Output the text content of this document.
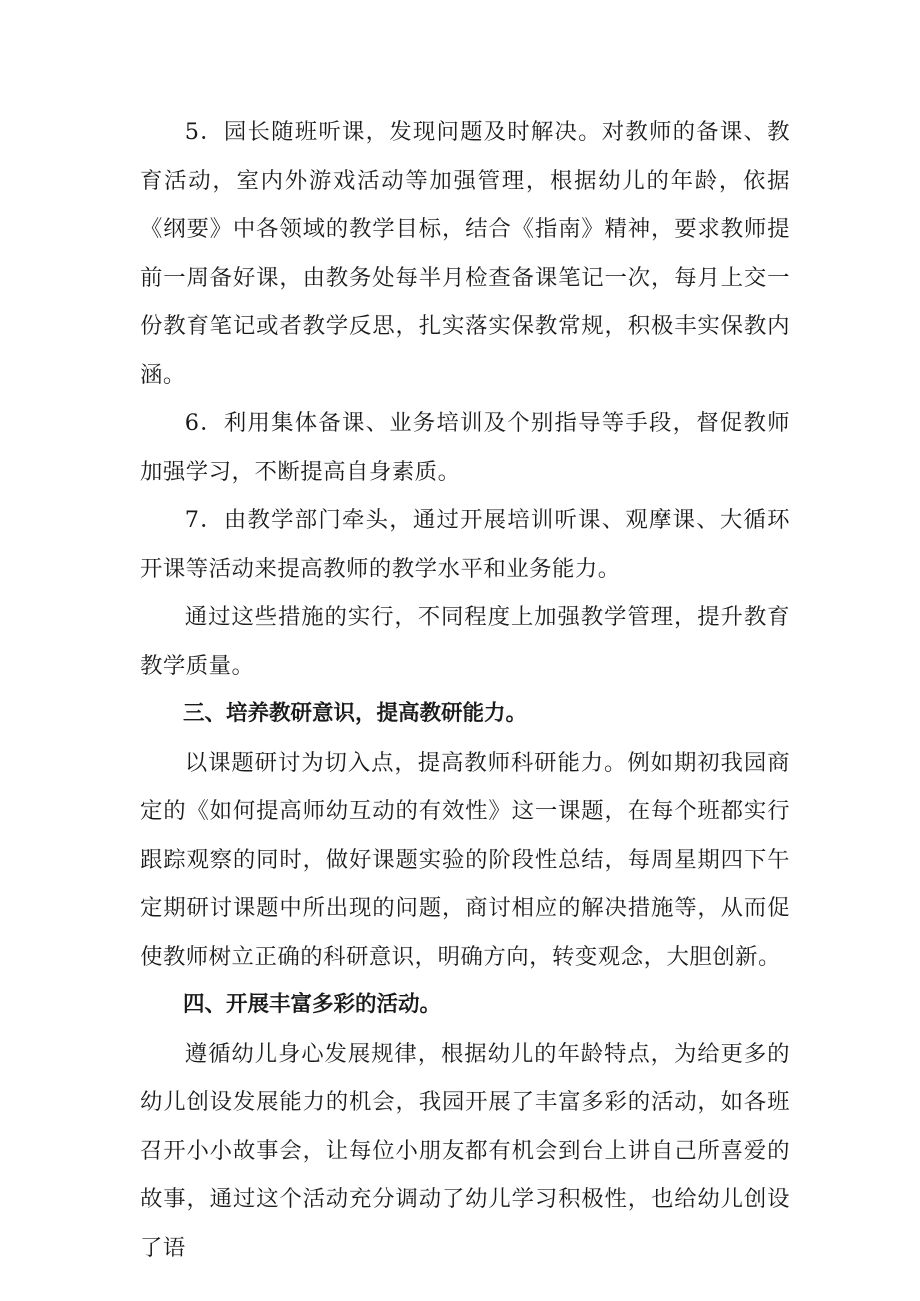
5．园长随班听课，发现问题及时解决。对教师的备课、教育活动，室内外游戏活动等加强管理，根据幼儿的年龄，依据《纲要》中各领域的教学目标，结合《指南》精神，要求教师提前一周备好课，由教务处每半月检查备课笔记一次，每月上交一份教育笔记或者教学反思，扎实落实保教常规，积极丰实保教内涵。

6．利用集体备课、业务培训及个别指导等手段，督促教师加强学习，不断提高自身素质。

7．由教学部门牵头，通过开展培训听课、观摩课、大循环开课等活动来提高教师的教学水平和业务能力。

通过这些措施的实行，不同程度上加强教学管理，提升教育教学质量。

三、培养教研意识，提高教研能力。

以课题研讨为切入点，提高教师科研能力。例如期初我园商定的《如何提高师幼互动的有效性》这一课题，在每个班都实行跟踪观察的同时，做好课题实验的阶段性总结，每周星期四下午定期研讨课题中所出现的问题，商讨相应的解决措施等，从而促使教师树立正确的科研意识，明确方向，转变观念，大胆创新。

四、开展丰富多彩的活动。

遵循幼儿身心发展规律，根据幼儿的年龄特点，为给更多的幼儿创设发展能力的机会，我园开展了丰富多彩的活动，如各班召开小小故事会，让每位小朋友都有机会到台上讲自己所喜爱的故事，通过这个活动充分调动了幼儿学习积极性，也给幼儿创设了语
